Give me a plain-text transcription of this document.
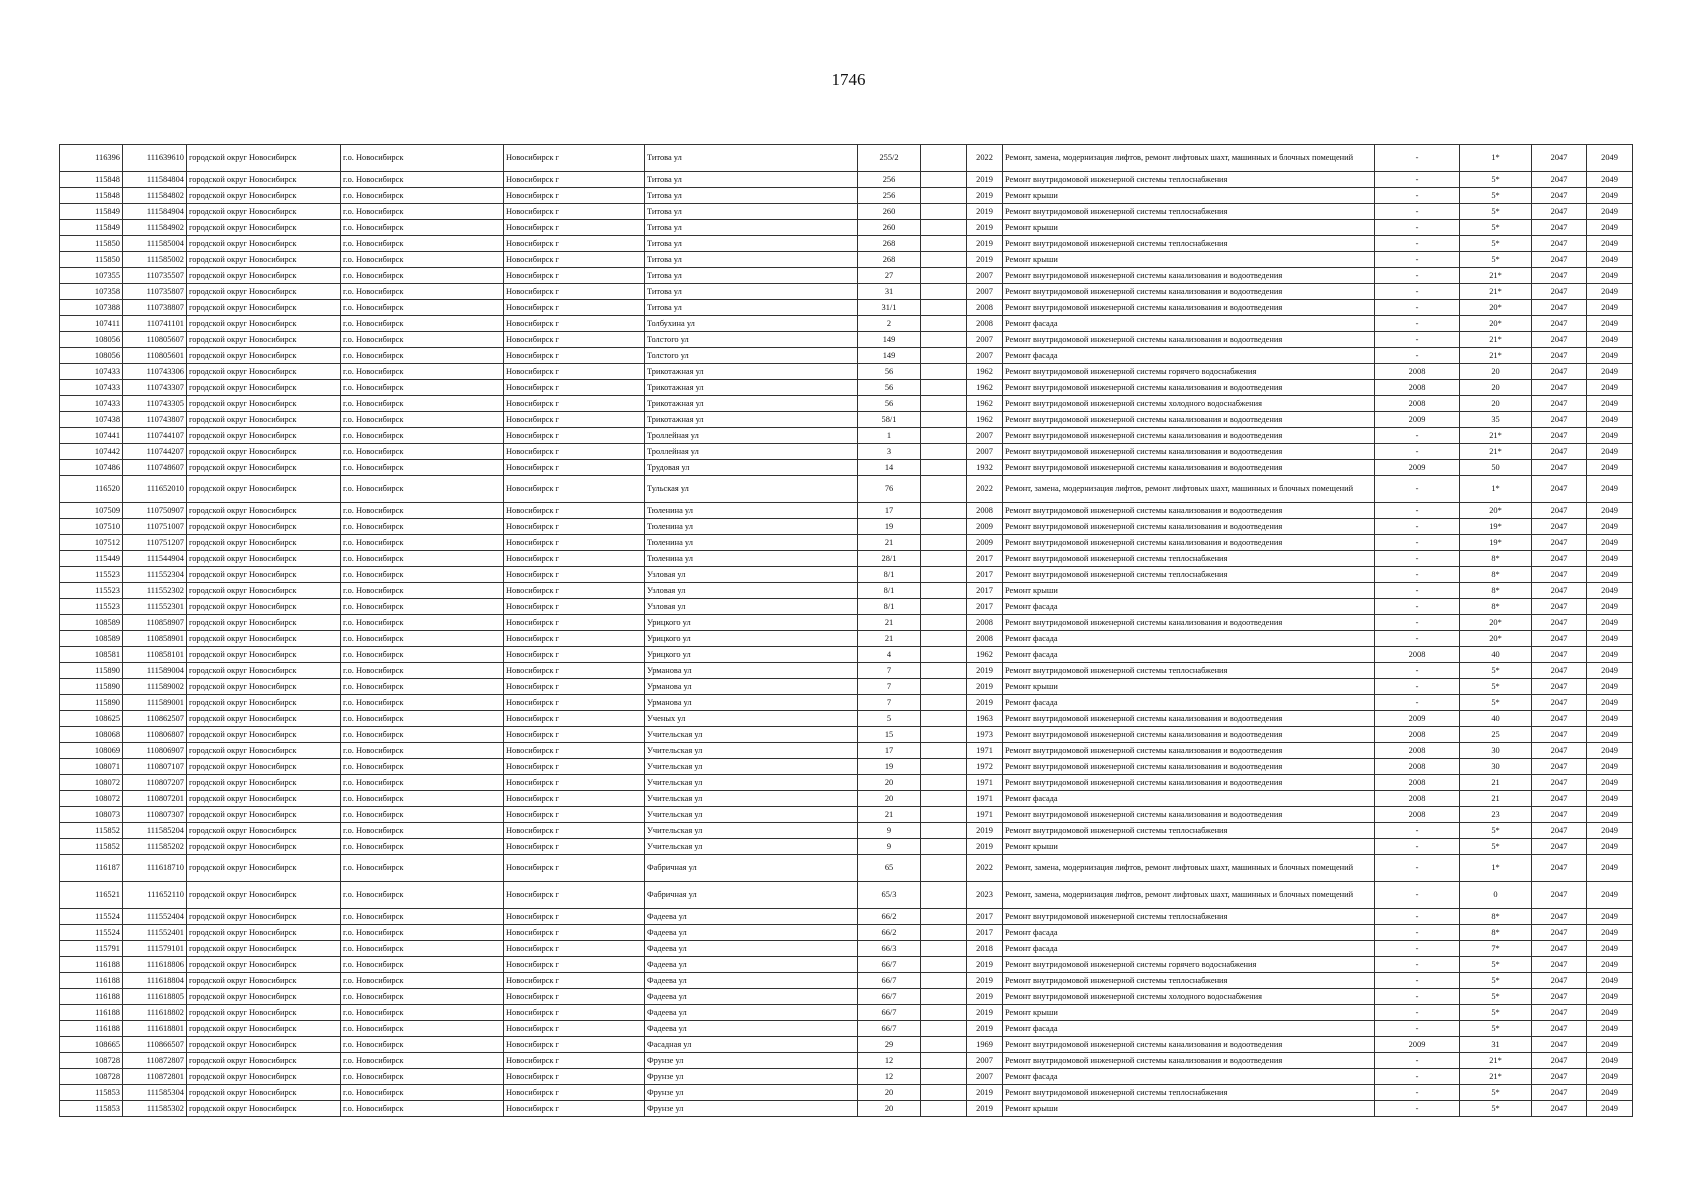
1746
116396	111639610	городской округ Новосибирск	г.о. Новосибирск	Новосибирск г	Титова ул	255/2		2022	Ремонт, замена, модернизация лифтов, ремонт лифтовых шахт, машинных и блочных помещений	-	1*	2047	2049
115848	111584804	городской округ Новосибирск	г.о. Новосибирск	Новосибирск г	Титова ул	256		2019	Ремонт внутридомовой инженерной системы теплоснабжения	-	5*	2047	2049
115848	111584802	городской округ Новосибирск	г.о. Новосибирск	Новосибирск г	Титова ул	256		2019	Ремонт крыши	-	5*	2047	2049
115849	111584904	городской округ Новосибирск	г.о. Новосибирск	Новосибирск г	Титова ул	260		2019	Ремонт внутридомовой инженерной системы теплоснабжения	-	5*	2047	2049
115849	111584902	городской округ Новосибирск	г.о. Новосибирск	Новосибирск г	Титова ул	260		2019	Ремонт крыши	-	5*	2047	2049
115850	111585004	городской округ Новосибирск	г.о. Новосибирск	Новосибирск г	Титова ул	268		2019	Ремонт внутридомовой инженерной системы теплоснабжения	-	5*	2047	2049
115850	111585002	городской округ Новосибирск	г.о. Новосибирск	Новосибирск г	Титова ул	268		2019	Ремонт крыши	-	5*	2047	2049
107355	110735507	городской округ Новосибирск	г.о. Новосибирск	Новосибирск г	Титова ул	27		2007	Ремонт внутридомовой инженерной системы канализования и водоотведения	-	21*	2047	2049
107358	110735807	городской округ Новосибирск	г.о. Новосибирск	Новосибирск г	Титова ул	31		2007	Ремонт внутридомовой инженерной системы канализования и водоотведения	-	21*	2047	2049
107388	110738807	городской округ Новосибирск	г.о. Новосибирск	Новосибирск г	Титова ул	31/1		2008	Ремонт внутридомовой инженерной системы канализования и водоотведения	-	20*	2047	2049
107411	110741101	городской округ Новосибирск	г.о. Новосибирск	Новосибирск г	Толбухина ул	2		2008	Ремонт фасада	-	20*	2047	2049
108056	110805607	городской округ Новосибирск	г.о. Новосибирск	Новосибирск г	Толстого ул	149		2007	Ремонт внутридомовой инженерной системы канализования и водоотведения	-	21*	2047	2049
108056	110805601	городской округ Новосибирск	г.о. Новосибирск	Новосибирск г	Толстого ул	149		2007	Ремонт фасада	-	21*	2047	2049
107433	110743306	городской округ Новосибирск	г.о. Новосибирск	Новосибирск г	Трикотажная ул	56		1962	Ремонт внутридомовой инженерной системы горячего водоснабжения	2008	20	2047	2049
107433	110743307	городской округ Новосибирск	г.о. Новосибирск	Новосибирск г	Трикотажная ул	56		1962	Ремонт внутридомовой инженерной системы канализования и водоотведения	2008	20	2047	2049
107433	110743305	городской округ Новосибирск	г.о. Новосибирск	Новосибирск г	Трикотажная ул	56		1962	Ремонт внутридомовой инженерной системы холодного водоснабжения	2008	20	2047	2049
107438	110743807	городской округ Новосибирск	г.о. Новосибирск	Новосибирск г	Трикотажная ул	58/1		1962	Ремонт внутридомовой инженерной системы канализования и водоотведения	2009	35	2047	2049
107441	110744107	городской округ Новосибирск	г.о. Новосибирск	Новосибирск г	Троллейная ул	1		2007	Ремонт внутридомовой инженерной системы канализования и водоотведения	-	21*	2047	2049
107442	110744207	городской округ Новосибирск	г.о. Новосибирск	Новосибирск г	Троллейная ул	3		2007	Ремонт внутридомовой инженерной системы канализования и водоотведения	-	21*	2047	2049
107486	110748607	городской округ Новосибирск	г.о. Новосибирск	Новосибирск г	Трудовая ул	14		1932	Ремонт внутридомовой инженерной системы канализования и водоотведения	2009	50	2047	2049
116520	111652010	городской округ Новосибирск	г.о. Новосибирск	Новосибирск г	Тульская ул	76		2022	Ремонт, замена, модернизация лифтов, ремонт лифтовых шахт, машинных и блочных помещений	-	1*	2047	2049
107509	110750907	городской округ Новосибирск	г.о. Новосибирск	Новосибирск г	Тюленина ул	17		2008	Ремонт внутридомовой инженерной системы канализования и водоотведения	-	20*	2047	2049
107510	110751007	городской округ Новосибирск	г.о. Новосибирск	Новосибирск г	Тюленина ул	19		2009	Ремонт внутридомовой инженерной системы канализования и водоотведения	-	19*	2047	2049
107512	110751207	городской округ Новосибирск	г.о. Новосибирск	Новосибирск г	Тюленина ул	21		2009	Ремонт внутридомовой инженерной системы канализования и водоотведения	-	19*	2047	2049
115449	111544904	городской округ Новосибирск	г.о. Новосибирск	Новосибирск г	Тюленина ул	28/1		2017	Ремонт внутридомовой инженерной системы теплоснабжения	-	8*	2047	2049
115523	111552304	городской округ Новосибирск	г.о. Новосибирск	Новосибирск г	Узловая ул	8/1		2017	Ремонт внутридомовой инженерной системы теплоснабжения	-	8*	2047	2049
115523	111552302	городской округ Новосибирск	г.о. Новосибирск	Новосибирск г	Узловая ул	8/1		2017	Ремонт крыши	-	8*	2047	2049
115523	111552301	городской округ Новосибирск	г.о. Новосибирск	Новосибирск г	Узловая ул	8/1		2017	Ремонт фасада	-	8*	2047	2049
108589	110858907	городской округ Новосибирск	г.о. Новосибирск	Новосибирск г	Урицкого ул	21		2008	Ремонт внутридомовой инженерной системы канализования и водоотведения	-	20*	2047	2049
108589	110858901	городской округ Новосибирск	г.о. Новосибирск	Новосибирск г	Урицкого ул	21		2008	Ремонт фасада	-	20*	2047	2049
108581	110858101	городской округ Новосибирск	г.о. Новосибирск	Новосибирск г	Урицкого ул	4		1962	Ремонт фасада	2008	40	2047	2049
115890	111589004	городской округ Новосибирск	г.о. Новосибирск	Новосибирск г	Урманова ул	7		2019	Ремонт внутридомовой инженерной системы теплоснабжения	-	5*	2047	2049
115890	111589002	городской округ Новосибирск	г.о. Новосибирск	Новосибирск г	Урманова ул	7		2019	Ремонт крыши	-	5*	2047	2049
115890	111589001	городской округ Новосибирск	г.о. Новосибирск	Новосибирск г	Урманова ул	7		2019	Ремонт фасада	-	5*	2047	2049
108625	110862507	городской округ Новосибирск	г.о. Новосибирск	Новосибирск г	Ученых ул	5		1963	Ремонт внутридомовой инженерной системы канализования и водоотведения	2009	40	2047	2049
108068	110806807	городской округ Новосибирск	г.о. Новосибирск	Новосибирск г	Учительская ул	15		1973	Ремонт внутридомовой инженерной системы канализования и водоотведения	2008	25	2047	2049
108069	110806907	городской округ Новосибирск	г.о. Новосибирск	Новосибирск г	Учительская ул	17		1971	Ремонт внутридомовой инженерной системы канализования и водоотведения	2008	30	2047	2049
108071	110807107	городской округ Новосибирск	г.о. Новосибирск	Новосибирск г	Учительская ул	19		1972	Ремонт внутридомовой инженерной системы канализования и водоотведения	2008	30	2047	2049
108072	110807207	городской округ Новосибирск	г.о. Новосибирск	Новосибирск г	Учительская ул	20		1971	Ремонт внутридомовой инженерной системы канализования и водоотведения	2008	21	2047	2049
108072	110807201	городской округ Новосибирск	г.о. Новосибирск	Новосибирск г	Учительская ул	20		1971	Ремонт фасада	2008	21	2047	2049
108073	110807307	городской округ Новосибирск	г.о. Новосибирск	Новосибирск г	Учительская ул	21		1971	Ремонт внутридомовой инженерной системы канализования и водоотведения	2008	23	2047	2049
115852	111585204	городской округ Новосибирск	г.о. Новосибирск	Новосибирск г	Учительская ул	9		2019	Ремонт внутридомовой инженерной системы теплоснабжения	-	5*	2047	2049
115852	111585202	городской округ Новосибирск	г.о. Новосибирск	Новосибирск г	Учительская ул	9		2019	Ремонт крыши	-	5*	2047	2049
116187	111618710	городской округ Новосибирск	г.о. Новосибирск	Новосибирск г	Фабричная ул	65		2022	Ремонт, замена, модернизация лифтов, ремонт лифтовых шахт, машинных и блочных помещений	-	1*	2047	2049
116521	111652110	городской округ Новосибирск	г.о. Новосибирск	Новосибирск г	Фабричная ул	65/3		2023	Ремонт, замена, модернизация лифтов, ремонт лифтовых шахт, машинных и блочных помещений	-	0	2047	2049
115524	111552404	городской округ Новосибирск	г.о. Новосибирск	Новосибирск г	Фадеева ул	66/2		2017	Ремонт внутридомовой инженерной системы теплоснабжения	-	8*	2047	2049
115524	111552401	городской округ Новосибирск	г.о. Новосибирск	Новосибирск г	Фадеева ул	66/2		2017	Ремонт фасада	-	8*	2047	2049
115791	111579101	городской округ Новосибирск	г.о. Новосибирск	Новосибирск г	Фадеева ул	66/3		2018	Ремонт фасада	-	7*	2047	2049
116188	111618806	городской округ Новосибирск	г.о. Новосибирск	Новосибирск г	Фадеева ул	66/7		2019	Ремонт внутридомовой инженерной системы горячего водоснабжения	-	5*	2047	2049
116188	111618804	городской округ Новосибирск	г.о. Новосибирск	Новосибирск г	Фадеева ул	66/7		2019	Ремонт внутридомовой инженерной системы теплоснабжения	-	5*	2047	2049
116188	111618805	городской округ Новосибирск	г.о. Новосибирск	Новосибирск г	Фадеева ул	66/7		2019	Ремонт внутридомовой инженерной системы холодного водоснабжения	-	5*	2047	2049
116188	111618802	городской округ Новосибирск	г.о. Новосибирск	Новосибирск г	Фадеева ул	66/7		2019	Ремонт крыши	-	5*	2047	2049
116188	111618801	городской округ Новосибирск	г.о. Новосибирск	Новосибирск г	Фадеева ул	66/7		2019	Ремонт фасада	-	5*	2047	2049
108665	110866507	городской округ Новосибирск	г.о. Новосибирск	Новосибирск г	Фасадная ул	29		1969	Ремонт внутридомовой инженерной системы канализования и водоотведения	2009	31	2047	2049
108728	110872807	городской округ Новосибирск	г.о. Новосибирск	Новосибирск г	Фрунзе ул	12		2007	Ремонт внутридомовой инженерной системы канализования и водоотведения	-	21*	2047	2049
108728	110872801	городской округ Новосибирск	г.о. Новосибирск	Новосибирск г	Фрунзе ул	12		2007	Ремонт фасада	-	21*	2047	2049
115853	111585304	городской округ Новосибирск	г.о. Новосибирск	Новосибирск г	Фрунзе ул	20		2019	Ремонт внутридомовой инженерной системы теплоснабжения	-	5*	2047	2049
115853	111585302	городской округ Новосибирск	г.о. Новосибирск	Новосибирск г	Фрунзе ул	20		2019	Ремонт крыши	-	5*	2047	2049
